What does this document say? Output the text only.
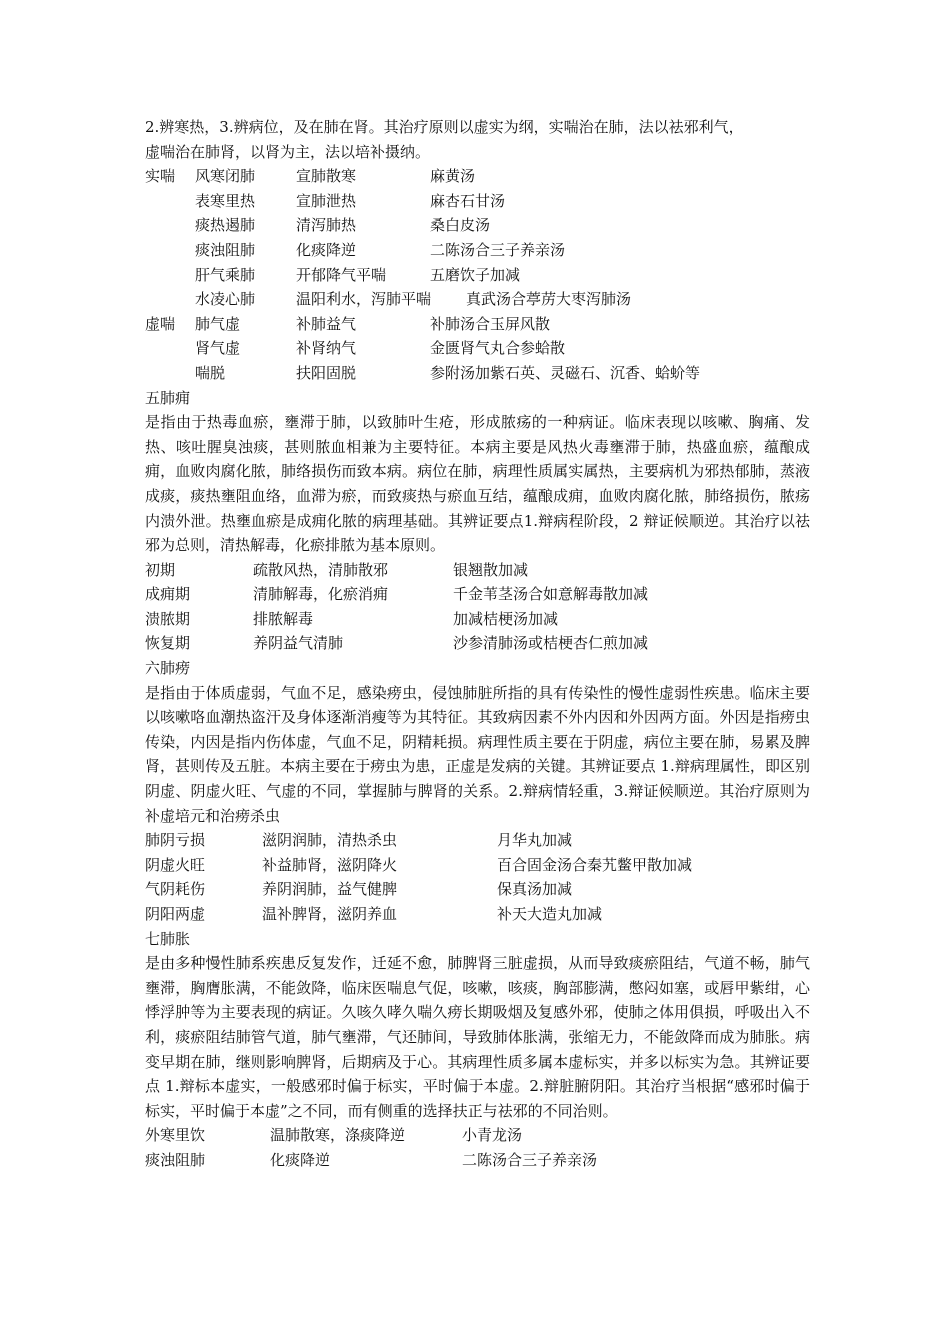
2.辨寒热，3.辨病位，及在肺在肾。其治疗原则以虚实为纲，实喘治在肺，法以祛邪利气，

虚喘治在肺肾，以肾为主，法以培补摄纳。

实喘	风寒闭肺	宣肺散寒	麻黄汤
表寒里热	宣肺泄热	麻杏石甘汤
痰热遏肺	清泻肺热	桑白皮汤
痰浊阻肺	化痰降逆	二陈汤合三子养亲汤
肝气乘肺	开郁降气平喘	五磨饮子加减
水凌心肺	温阳利水，泻肺平喘	真武汤合葶苈大枣泻肺汤
虚喘	肺气虚	补肺益气	补肺汤合玉屏风散
肾气虚	补肾纳气	金匮肾气丸合参蛤散
喘脱	扶阳固脱	参附汤加紫石英、灵磁石、沉香、蛤蚧等

五肺痈

是指由于热毒血瘀，壅滞于肺，以致肺叶生疮，形成脓疡的一种病证。临床表现以咳嗽、胸痛、发热、咳吐腥臭浊痰，甚则脓血相兼为主要特征。本病主要是风热火毒壅滞于肺，热盛血瘀，蕴酿成痈，血败肉腐化脓，肺络损伤而致本病。病位在肺，病理性质属实属热，主要病机为邪热郁肺，蒸液成痰，痰热壅阻血络，血滞为瘀，而致痰热与瘀血互结，蕴酿成痈，血败肉腐化脓，肺络损伤，脓疡内溃外泄。热壅血瘀是成痈化脓的病理基础。其辨证要点1.辩病程阶段，2 辩证候顺逆。其治疗以祛邪为总则，清热解毒，化瘀排脓为基本原则。

初期	疏散风热，清肺散邪	银翘散加减
成痈期	清肺解毒，化瘀消痈	千金苇茎汤合如意解毒散加减
溃脓期	排脓解毒	加减桔梗汤加减
恢复期	养阴益气清肺	沙参清肺汤或桔梗杏仁煎加减

六肺痨

是指由于体质虚弱，气血不足，感染痨虫，侵蚀肺脏所指的具有传染性的慢性虚弱性疾患。临床主要以咳嗽咯血潮热盗汗及身体逐渐消瘦等为其特征。其致病因素不外内因和外因两方面。外因是指痨虫传染，内因是指内伤体虚，气血不足，阴精耗损。病理性质主要在于阴虚，病位主要在肺，易累及脾肾，甚则传及五脏。本病主要在于痨虫为患，正虚是发病的关键。其辨证要点 1.辩病理属性，即区别阴虚、阴虚火旺、气虚的不同，掌握肺与脾肾的关系。2.辩病情轻重，3.辩证候顺逆。其治疗原则为补虚培元和治痨杀虫

肺阴亏损	滋阴润肺，清热杀虫	月华丸加减
阴虚火旺	补益肺肾，滋阴降火	百合固金汤合秦艽鳖甲散加减
气阴耗伤	养阴润肺，益气健脾	保真汤加减
阴阳两虚	温补脾肾，滋阴养血	补天大造丸加减

七肺胀

是由多种慢性肺系疾患反复发作，迁延不愈，肺脾肾三脏虚损，从而导致痰瘀阻结，气道不畅，肺气壅滞，胸膺胀满，不能敛降，临床医喘息气促，咳嗽，咳痰，胸部膨满，憋闷如塞，或唇甲紫绀，心悸浮肿等为主要表现的病证。久咳久哮久喘久痨长期吸烟及复感外邪，使肺之体用俱损，呼吸出入不利，痰瘀阻结肺管气道，肺气壅滞，气还肺间，导致肺体胀满，张缩无力，不能敛降而成为肺胀。病变早期在肺，继则影响脾肾，后期病及于心。其病理性质多属本虚标实，并多以标实为急。其辨证要点 1.辩标本虚实，一般感邪时偏于标实，平时偏于本虚。2.辩脏腑阴阳。其治疗当根据“感邪时偏于标实，平时偏于本虚”之不同，而有侧重的选择扶正与祛邪的不同治则。

外寒里饮	温肺散寒，涤痰降逆	小青龙汤
痰浊阻肺	化痰降逆	二陈汤合三子养亲汤
